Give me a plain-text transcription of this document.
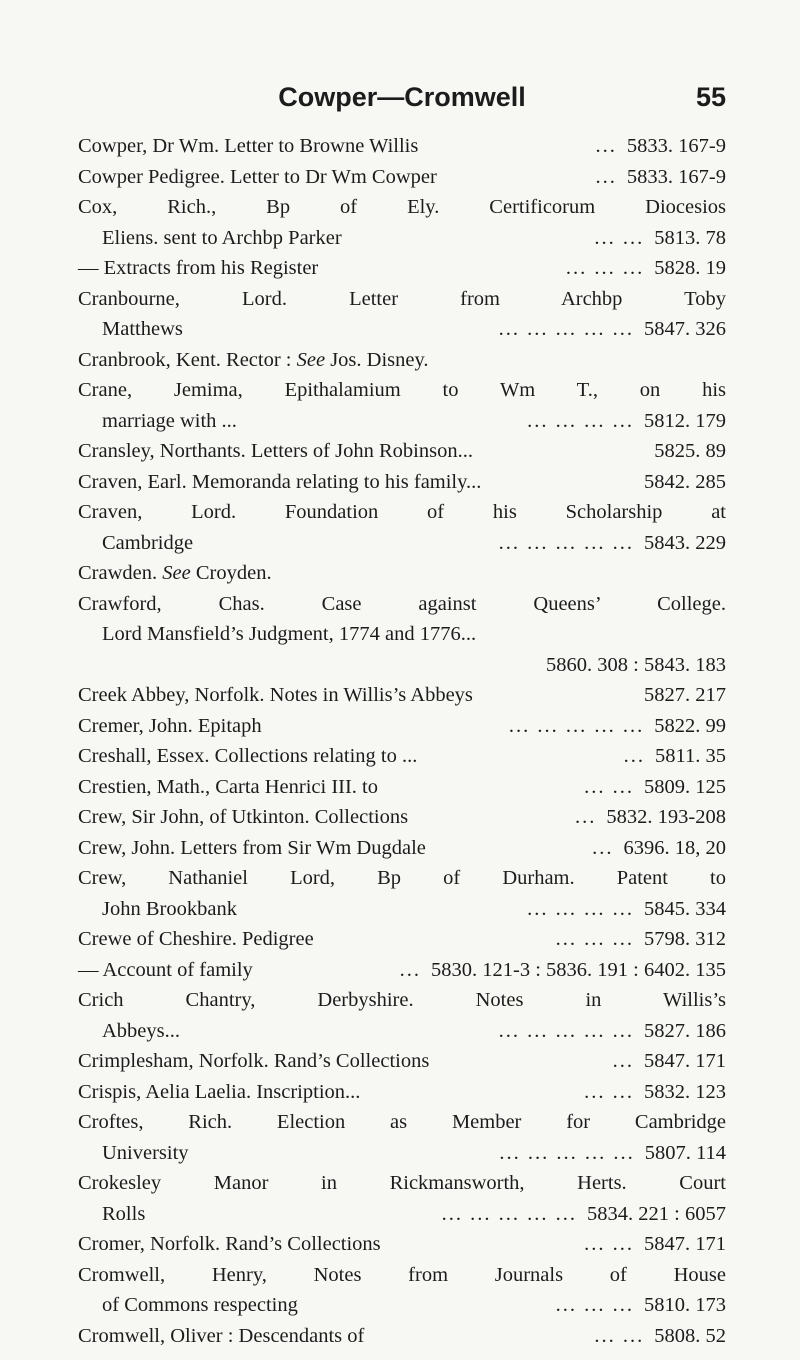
Cowper—Cromwell	55
Cowper, Dr Wm. Letter to Browne Willis	... 5833. 167-9
Cowper Pedigree. Letter to Dr Wm Cowper	... 5833. 167-9
Cox, Rich., Bp of Ely. Certificorum Diocesios
Eliens. sent to Archbp Parker	... ... 5813. 78
— Extracts from his Register	... ... ... 5828. 19
Cranbourne, Lord. Letter from Archbp Toby
Matthews	... ... ... ... ... 5847. 326
Cranbrook, Kent. Rector : See Jos. Disney.
Crane, Jemima, Epithalamium to Wm T., on his
marriage with ...	... ... ... ... 5812. 179
Cransley, Northants. Letters of John Robinson...	5825. 89
Craven, Earl. Memoranda relating to his family...	5842. 285
Craven, Lord. Foundation of his Scholarship at
Cambridge	... ... ... ... ... 5843. 229
Crawden. See Croyden.
Crawford, Chas. Case against Queens’ College.
Lord Mansfield’s Judgment, 1774 and 1776...
5860. 308 : 5843. 183
Creek Abbey, Norfolk. Notes in Willis’s Abbeys	5827. 217
Cremer, John. Epitaph	... ... ... ... ... 5822. 99
Creshall, Essex. Collections relating to ...	... 5811. 35
Crestien, Math., Carta Henrici III. to	... ... 5809. 125
Crew, Sir John, of Utkinton. Collections	... 5832. 193-208
Crew, John. Letters from Sir Wm Dugdale	... 6396. 18, 20
Crew, Nathaniel Lord, Bp of Durham. Patent to
John Brookbank	... ... ... ... 5845. 334
Crewe of Cheshire. Pedigree	... ... ... 5798. 312
— Account of family	... 5830. 121-3 : 5836. 191 : 6402. 135
Crich Chantry, Derbyshire. Notes in Willis’s
Abbeys...	... ... ... ... ... 5827. 186
Crimplesham, Norfolk. Rand’s Collections	... 5847. 171
Crispis, Aelia Laelia. Inscription...	... ... 5832. 123
Croftes, Rich. Election as Member for Cambridge
University	... ... ... ... ... 5807. 114
Crokesley Manor in Rickmansworth, Herts. Court
Rolls	... ... ... ... ... 5834. 221 : 6057
Cromer, Norfolk. Rand’s Collections	... ... 5847. 171
Cromwell, Henry, Notes from Journals of House
of Commons respecting	... ... ... 5810. 173
Cromwell, Oliver : Descendants of	... ... 5808. 52
